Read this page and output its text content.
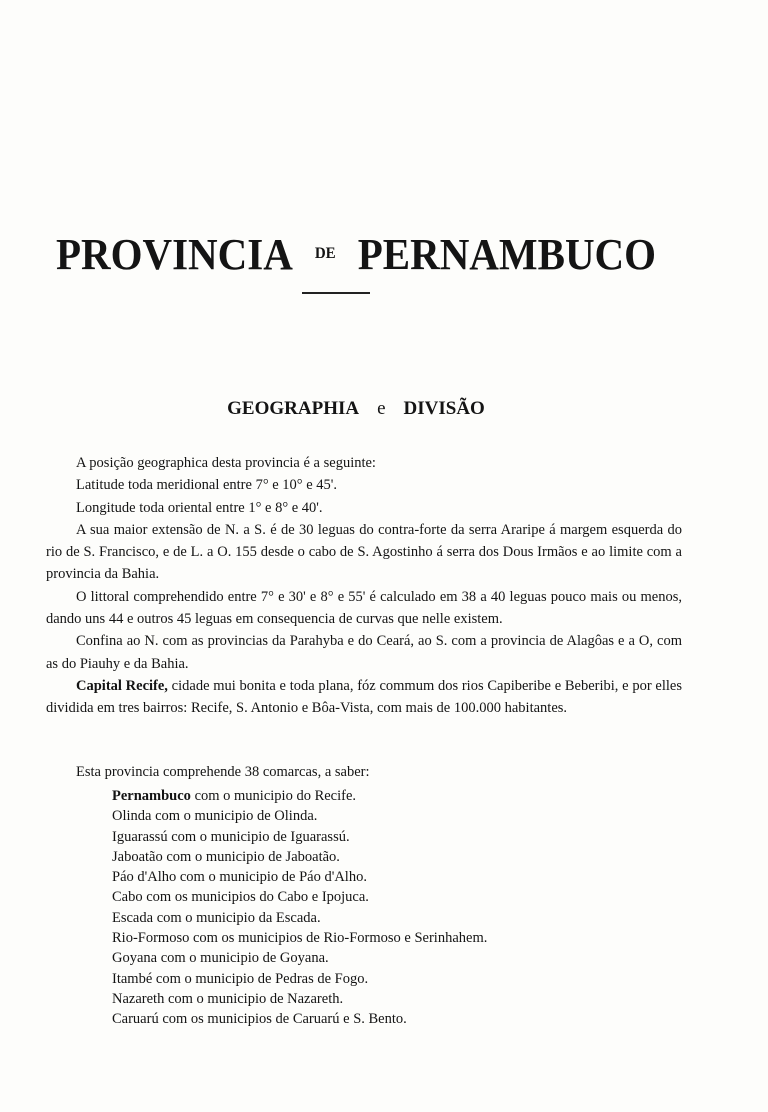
PROVINCIA DE PERNAMBUCO
GEOGRAPHIA e DIVISÃO

A posição geographica desta provincia é a seguinte:

Latitude toda meridional entre 7° e 10° e 45'.

Longitude toda oriental entre 1° e 8° e 40'.

A sua maior extensão de N. a S. é de 30 leguas do contra-forte da serra Araripe á margem esquerda do rio de S. Francisco, e de L. a O. 155 desde o cabo de S. Agostinho á serra dos Dous Irmãos e ao limite com a provincia da Bahia.

O littoral comprehendido entre 7° e 30' e 8° e 55' é calculado em 38 a 40 leguas pouco mais ou menos, dando uns 44 e outros 45 leguas em consequencia de curvas que nelle existem.

Confina ao N. com as provincias da Parahyba e do Ceará, ao S. com a provincia de Alagôas e a O, com as do Piauhy e da Bahia.

Capital Recife, cidade mui bonita e toda plana, fóz commum dos rios Capiberibe e Beberibi, e por elles dividida em tres bairros: Recife, S. Antonio e Bôa-Vista, com mais de 100.000 habitantes.

Esta provincia comprehende 38 comarcas, a saber:
Pernambuco com o municipio do Recife.
Olinda com o municipio de Olinda.
Iguarassú com o municipio de Iguarassú.
Jaboatão com o municipio de Jaboatão.
Páo d'Alho com o municipio de Páo d'Alho.
Cabo com os municipios do Cabo e Ipojuca.
Escada com o municipio da Escada.
Rio-Formoso com os municipios de Rio-Formoso e Serinhahem.
Goyana com o municipio de Goyana.
Itambé com o municipio de Pedras de Fogo.
Nazareth com o municipio de Nazareth.
Caruarú com os municipios de Caruarú e S. Bento.
